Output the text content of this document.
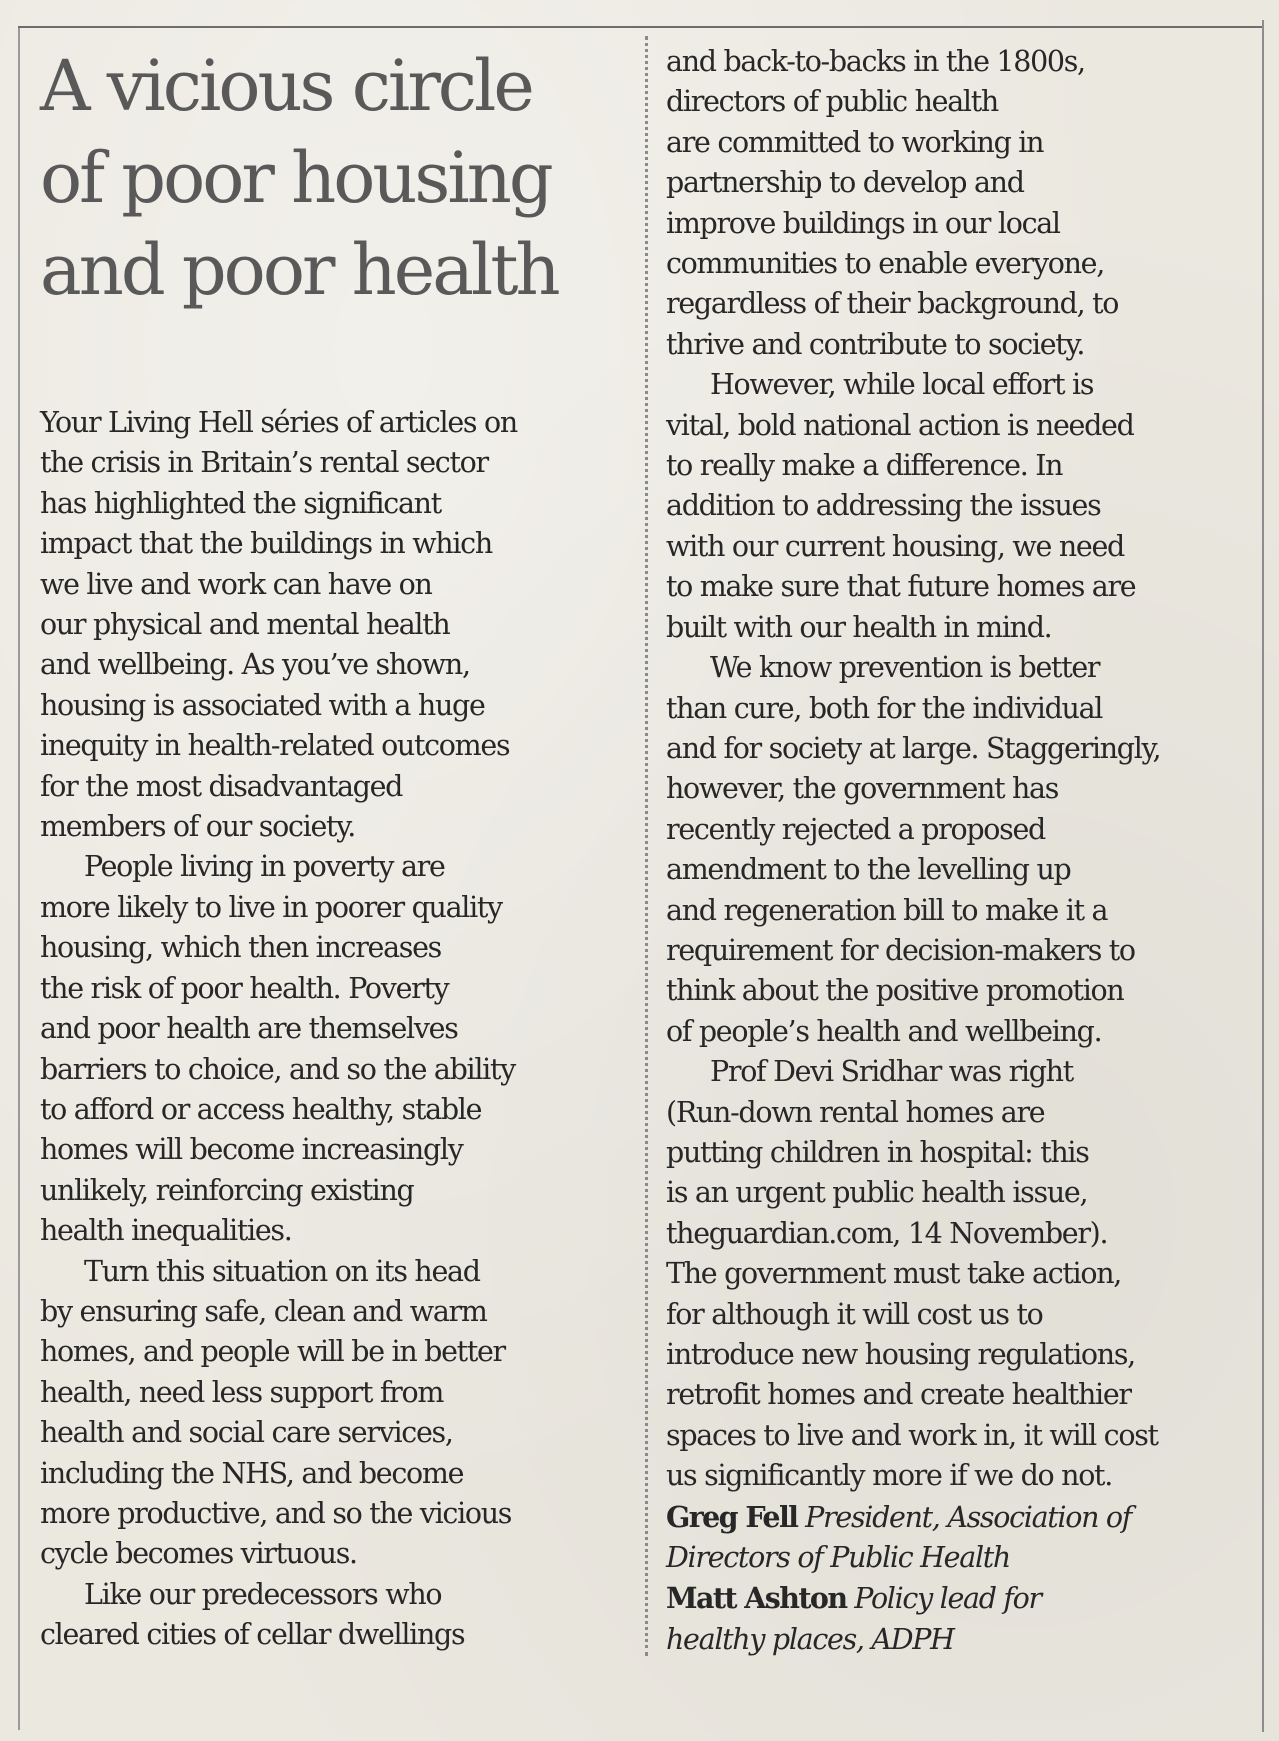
A vicious circle
of poor housing
and poor health

Your Living Hell séries of articles on
the crisis in Britain’s rental sector
has highlighted the significant
impact that the buildings in which
we live and work can have on
our physical and mental health
and wellbeing. As you’ve shown,
housing is associated with a huge
inequity in health-related outcomes
for the most disadvantaged
members of our society.

People living in poverty are
more likely to live in poorer quality
housing, which then increases
the risk of poor health. Poverty
and poor health are themselves
barriers to choice, and so the ability
to afford or access healthy, stable
homes will become increasingly
unlikely, reinforcing existing
health inequalities.

Turn this situation on its head
by ensuring safe, clean and warm
homes, and people will be in better
health, need less support from
health and social care services,
including the NHS, and become
more productive, and so the vicious
cycle becomes virtuous.

Like our predecessors who
cleared cities of cellar dwellings

and back-to-backs in the 1800s,
directors of public health
are committed to working in
partnership to develop and
improve buildings in our local
communities to enable everyone,
regardless of their background, to
thrive and contribute to society.

However, while local effort is
vital, bold national action is needed
to really make a difference. In
addition to addressing the issues
with our current housing, we need
to make sure that future homes are
built with our health in mind.

We know prevention is better
than cure, both for the individual
and for society at large. Staggeringly,
however, the government has
recently rejected a proposed
amendment to the levelling up
and regeneration bill to make it a
requirement for decision-makers to
think about the positive promotion
of people’s health and wellbeing.

Prof Devi Sridhar was right
(Run-down rental homes are
putting children in hospital: this
is an urgent public health issue,
theguardian.com, 14 November).
The government must take action,
for although it will cost us to
introduce new housing regulations,
retrofit homes and create healthier
spaces to live and work in, it will cost
us significantly more if we do not.

Greg Fell President, Association of
Directors of Public Health

Matt Ashton Policy lead for
healthy places, ADPH
